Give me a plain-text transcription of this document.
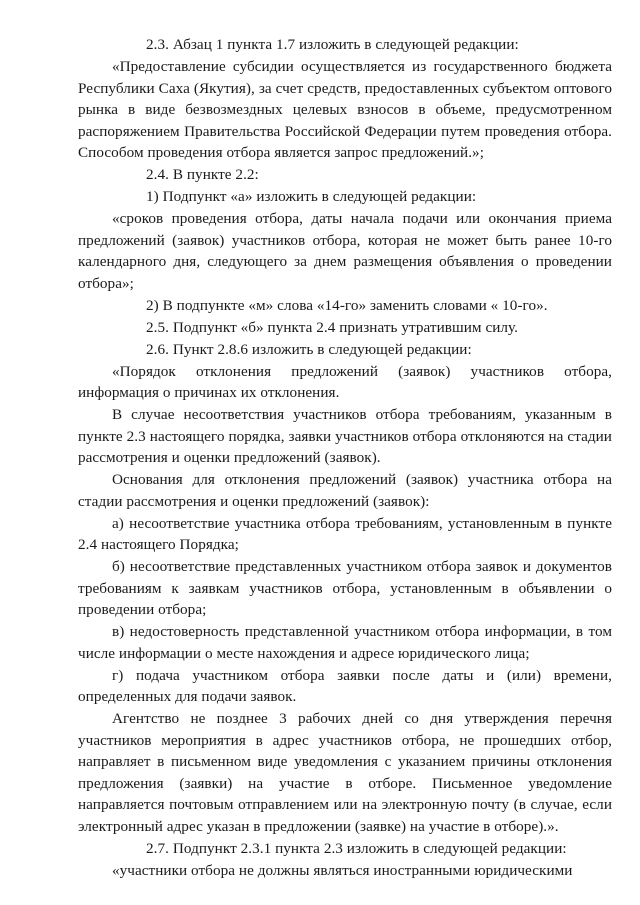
2.3. Абзац 1 пункта 1.7 изложить в следующей редакции:

«Предоставление субсидии осуществляется из государственного бюджета Республики Саха (Якутия), за счет средств, предоставленных субъектом оптового рынка в виде безвозмездных целевых взносов в объеме, предусмотренном распоряжением Правительства Российской Федерации путем проведения отбора. Способом проведения отбора является запрос предложений.»;

2.4. В пункте 2.2:

1) Подпункт «а» изложить в следующей редакции:

«сроков проведения отбора, даты начала подачи или окончания приема предложений (заявок) участников отбора, которая не может быть ранее 10-го календарного дня, следующего за днем размещения объявления о проведении отбора»;

2) В подпункте «м» слова «14-го» заменить словами « 10-го».

2.5. Подпункт «б» пункта 2.4 признать утратившим силу.

2.6. Пункт 2.8.6 изложить в следующей редакции:

«Порядок отклонения предложений (заявок) участников отбора, информация о причинах их отклонения.

В случае несоответствия участников отбора требованиям, указанным в пункте 2.3 настоящего порядка, заявки участников отбора отклоняются на стадии рассмотрения и оценки предложений (заявок).

Основания для отклонения предложений (заявок) участника отбора на стадии рассмотрения и оценки предложений (заявок):

а) несоответствие участника отбора требованиям, установленным в пункте 2.4 настоящего Порядка;

б) несоответствие представленных участником отбора заявок и документов требованиям к заявкам участников отбора, установленным в объявлении о проведении отбора;

в) недостоверность представленной участником отбора информации, в том числе информации о месте нахождения и адресе юридического лица;

г) подача участником отбора заявки после даты и (или) времени, определенных для подачи заявок.

Агентство не позднее 3 рабочих дней со дня утверждения перечня участников мероприятия в адрес участников отбора, не прошедших отбор, направляет в письменном виде уведомления с указанием причины отклонения предложения (заявки) на участие в отборе. Письменное уведомление направляется почтовым отправлением или на электронную почту (в случае, если электронный адрес указан в предложении (заявке) на участие в отборе).».

2.7. Подпункт 2.3.1 пункта 2.3 изложить в следующей редакции:

«участники отбора не должны являться иностранными юридическими
